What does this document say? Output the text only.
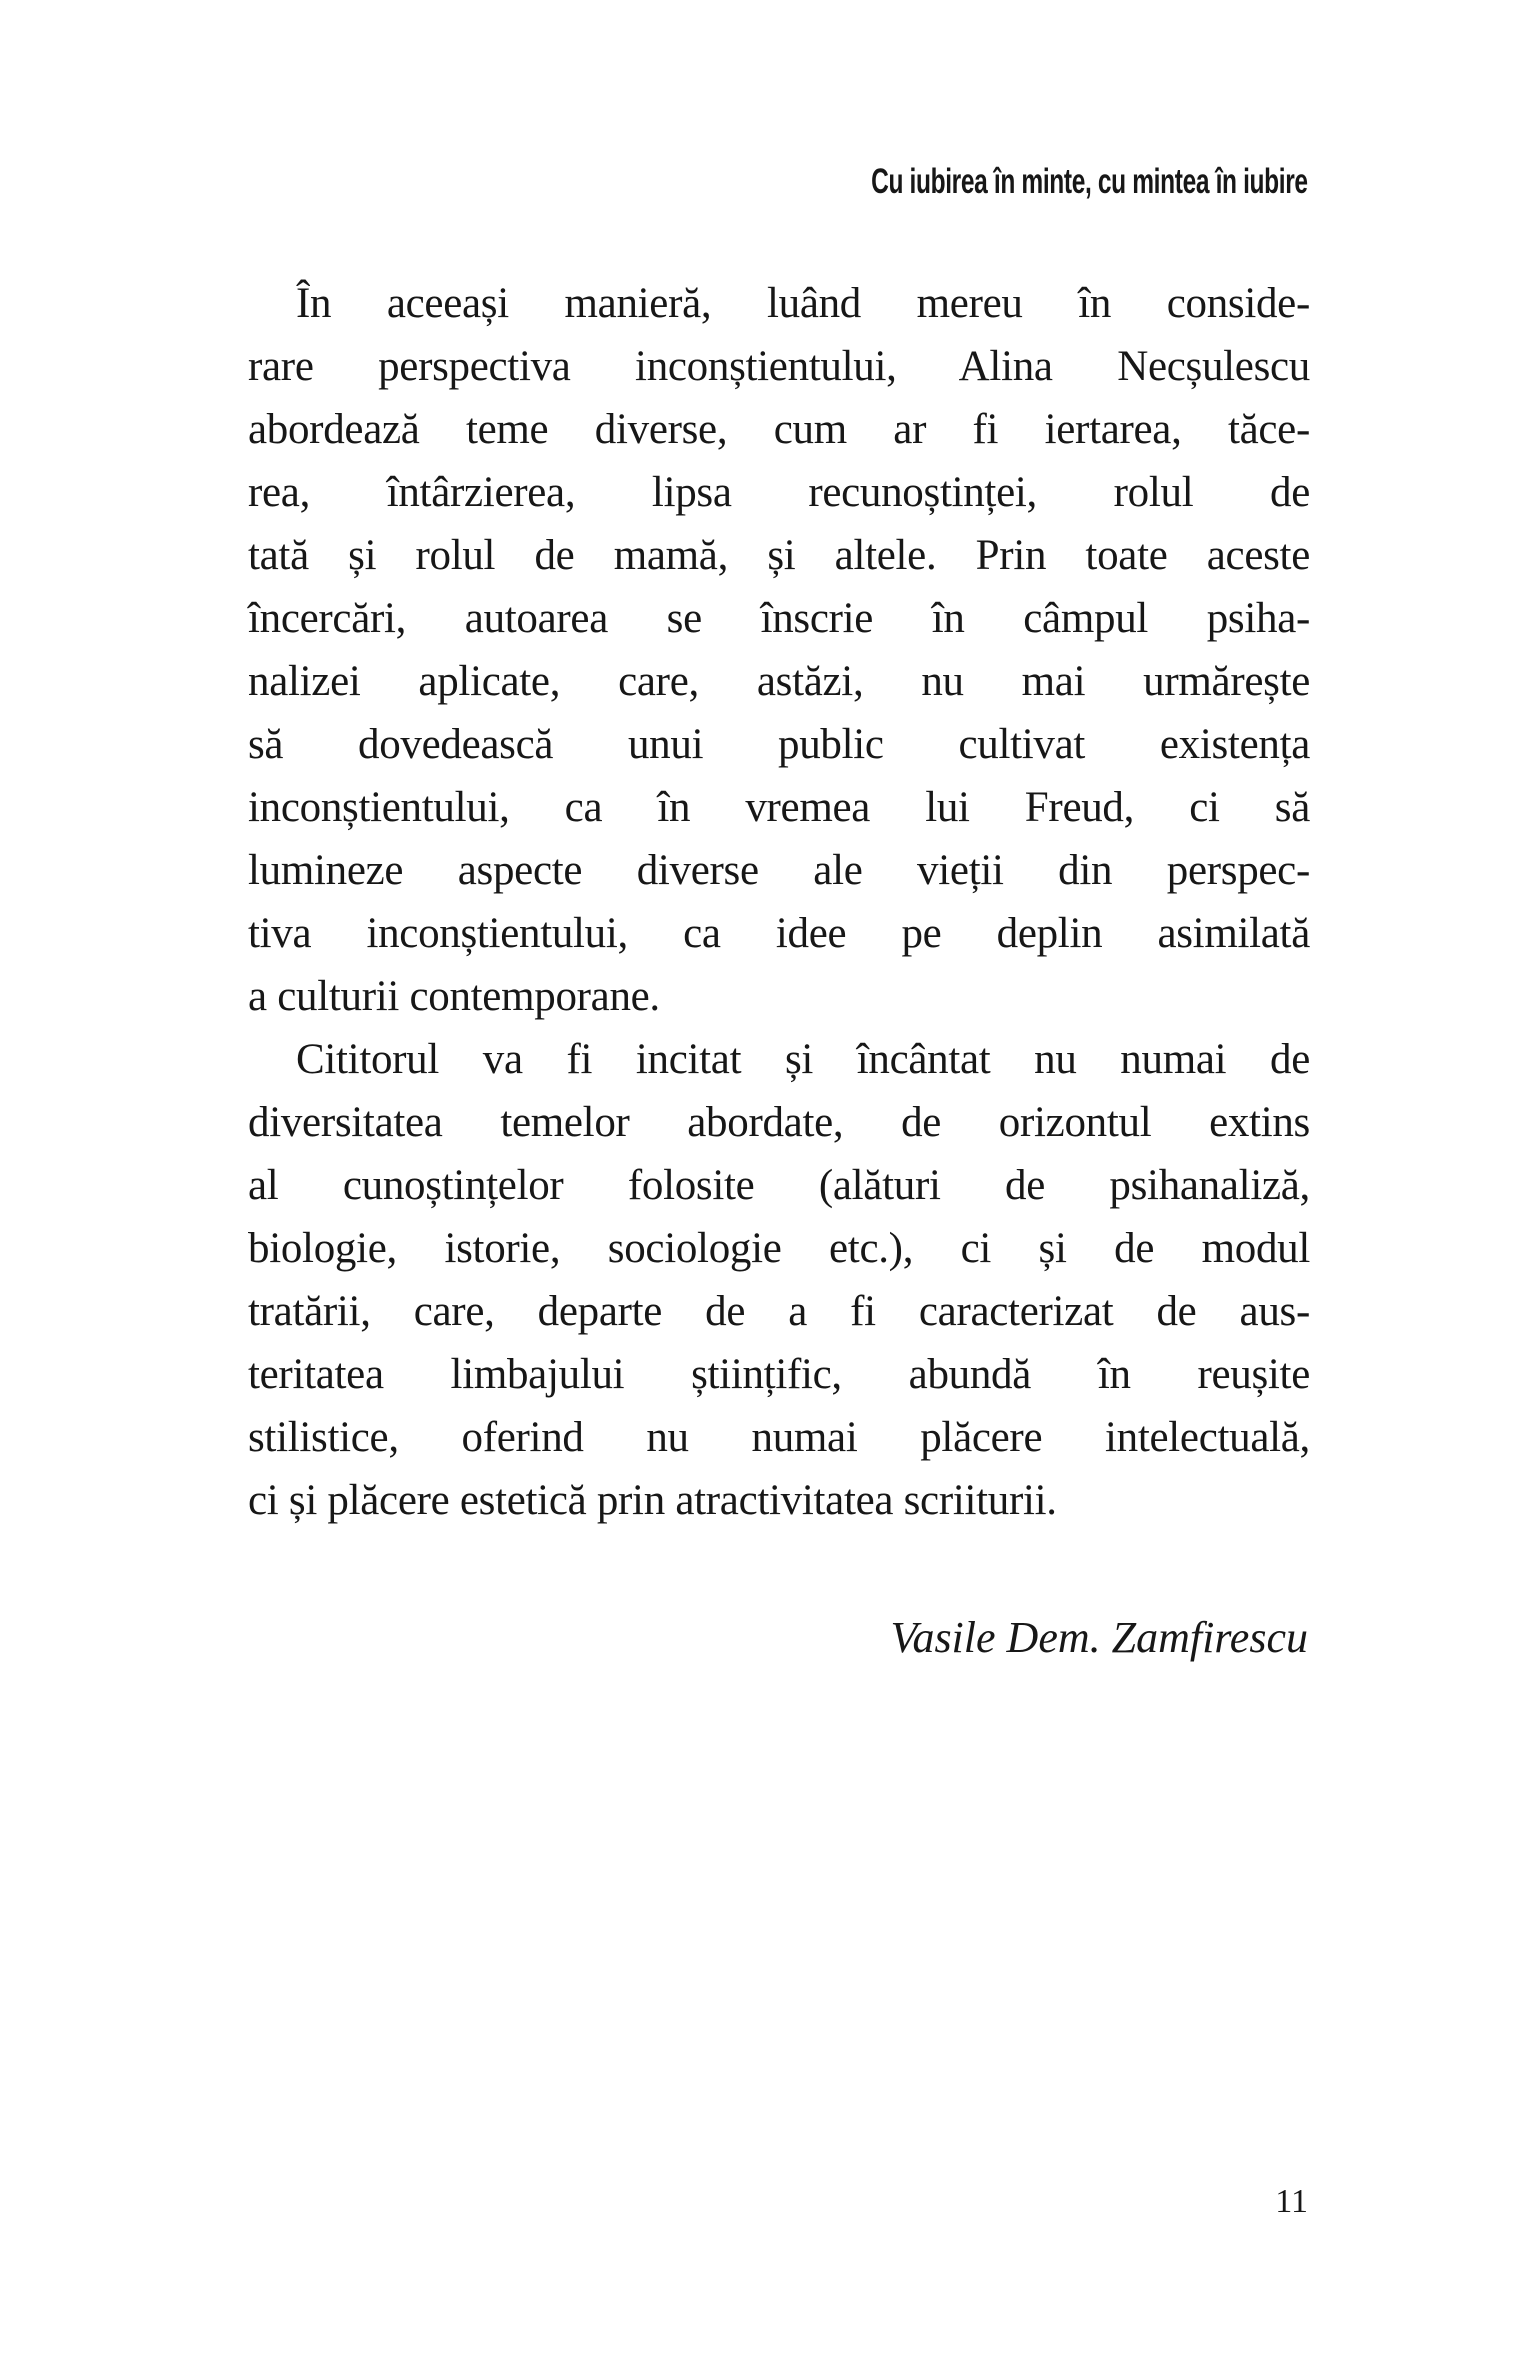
Cu iubirea în minte, cu mintea în iubire
În aceeași manieră, luând mereu în conside-
rare perspectiva inconștientului, Alina Necșulescu
abordează teme diverse, cum ar fi iertarea, tăce-
rea, întârzierea, lipsa recunoștinței, rolul de
tată și rolul de mamă, și altele. Prin toate aceste
încercări, autoarea se înscrie în câmpul psiha-
nalizei aplicate, care, astăzi, nu mai urmărește
să dovedească unui public cultivat existența
inconștientului, ca în vremea lui Freud, ci să
lumineze aspecte diverse ale vieții din perspec-
tiva inconștientului, ca idee pe deplin asimilată
a culturii contemporane.
Cititorul va fi incitat și încântat nu numai de
diversitatea temelor abordate, de orizontul extins
al cunoștințelor folosite (alături de psihanaliză,
biologie, istorie, sociologie etc.), ci și de modul
tratării, care, departe de a fi caracterizat de aus-
teritatea limbajului științific, abundă în reușite
stilistice, oferind nu numai plăcere intelectuală,
ci și plăcere estetică prin atractivitatea scriiturii.
Vasile Dem. Zamfirescu
11
